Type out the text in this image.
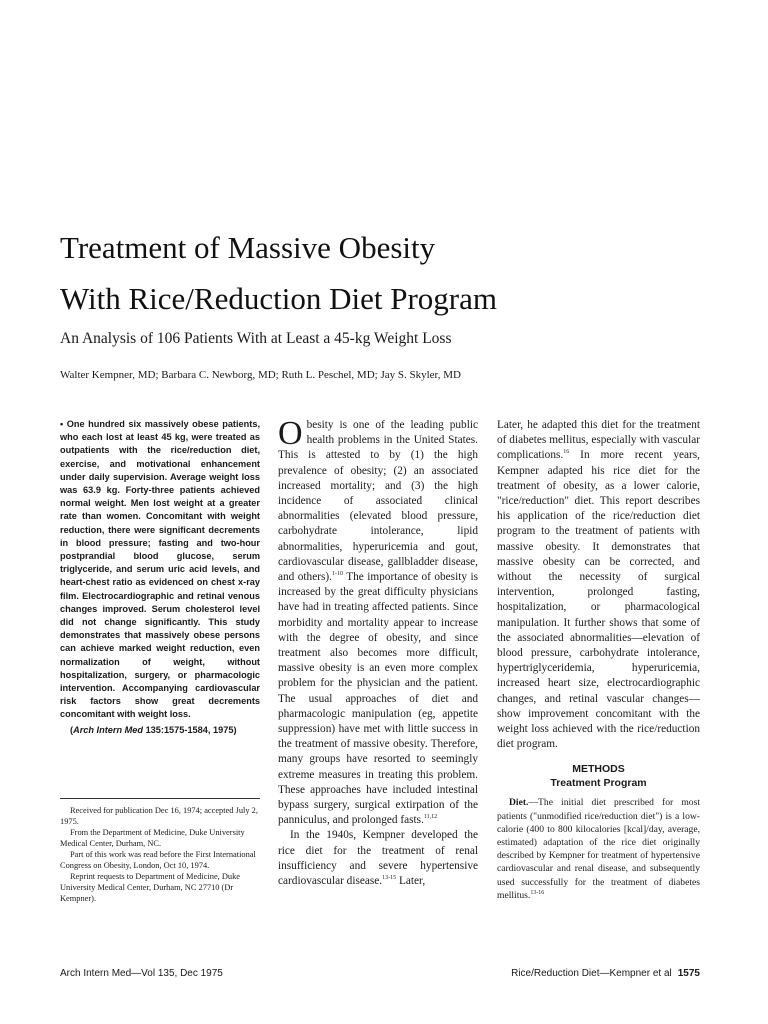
Treatment of Massive Obesity
With Rice/Reduction Diet Program
An Analysis of 106 Patients With at Least a 45-kg Weight Loss
Walter Kempner, MD; Barbara C. Newborg, MD; Ruth L. Peschel, MD; Jay S. Skyler, MD
• One hundred six massively obese patients, who each lost at least 45 kg, were treated as outpatients with the rice/reduction diet, exercise, and motivational enhancement under daily supervision. Average weight loss was 63.9 kg. Forty-three patients achieved normal weight. Men lost weight at a greater rate than women. Concomitant with weight reduction, there were significant decrements in blood pressure; fasting and two-hour postprandial blood glucose, serum triglyceride, and serum uric acid levels, and heart-chest ratio as evidenced on chest x-ray film. Electrocardiographic and retinal venous changes improved. Serum cholesterol level did not change significantly. This study demonstrates that massively obese persons can achieve marked weight reduction, even normalization of weight, without hospitalization, surgery, or pharmacologic intervention. Accompanying cardiovascular risk factors show great decrements concomitant with weight loss.
(Arch Intern Med 135:1575-1584, 1975)

Received for publication Dec 16, 1974; accepted July 2, 1975.

From the Department of Medicine, Duke University Medical Center, Durham, NC.

Part of this work was read before the First International Congress on Obesity, London, Oct 10, 1974.

Reprint requests to Department of Medicine, Duke University Medical Center, Durham, NC 27710 (Dr Kempner).

Obesity is one of the leading public health problems in the United States. This is attested to by (1) the high prevalence of obesity; (2) an associated increased mortality; and (3) the high incidence of associated clinical abnormalities (elevated blood pressure, carbohydrate intolerance, lipid abnormalities, hyperuricemia and gout, cardiovascular disease, gallbladder disease, and others).$^{1-10}$ The importance of obesity is increased by the great difficulty physicians have had in treating affected patients. Since morbidity and mortality appear to increase with the degree of obesity, and since treatment also becomes more difficult, massive obesity is an even more complex problem for the physician and the patient. The usual approaches of diet and pharmacologic manipulation (eg, appetite suppression) have met with little success in the treatment of massive obesity. Therefore, many groups have resorted to seemingly extreme measures in treating this problem. These approaches have included intestinal bypass surgery, surgical extirpation of the panniculus, and prolonged fasts.$^{11,12}$

In the 1940s, Kempner developed the rice diet for the treatment of renal insufficiency and severe hypertensive cardiovascular disease.$^{13-15}$ Later,

Later, he adapted this diet for the treatment of diabetes mellitus, especially with vascular complications.$^{16}$ In more recent years, Kempner adapted his rice diet for the treatment of obesity, as a lower calorie, "rice/reduction" diet. This report describes his application of the rice/reduction diet program to the treatment of patients with massive obesity. It demonstrates that massive obesity can be corrected, and without the necessity of surgical intervention, prolonged fasting, hospitalization, or pharmacological manipulation. It further shows that some of the associated abnormalities—elevation of blood pressure, carbohydrate intolerance, hypertriglyceridemia, hyperuricemia, increased heart size, electrocardiographic changes, and retinal vascular changes—show improvement concomitant with the weight loss achieved with the rice/reduction diet program.

METHODS

Treatment Program

Diet.—The initial diet prescribed for most patients ("unmodified rice/reduction diet") is a low-calorie (400 to 800 kilocalories [kcal]/day, average, estimated) adaptation of the rice diet originally described by Kempner for treatment of hypertensive cardiovascular and renal disease, and subsequently used successfully for the treatment of diabetes mellitus.$^{13-16}$

Arch Intern Med—Vol 135, Dec 1975	Rice/Reduction Diet—Kempner et al 1575
